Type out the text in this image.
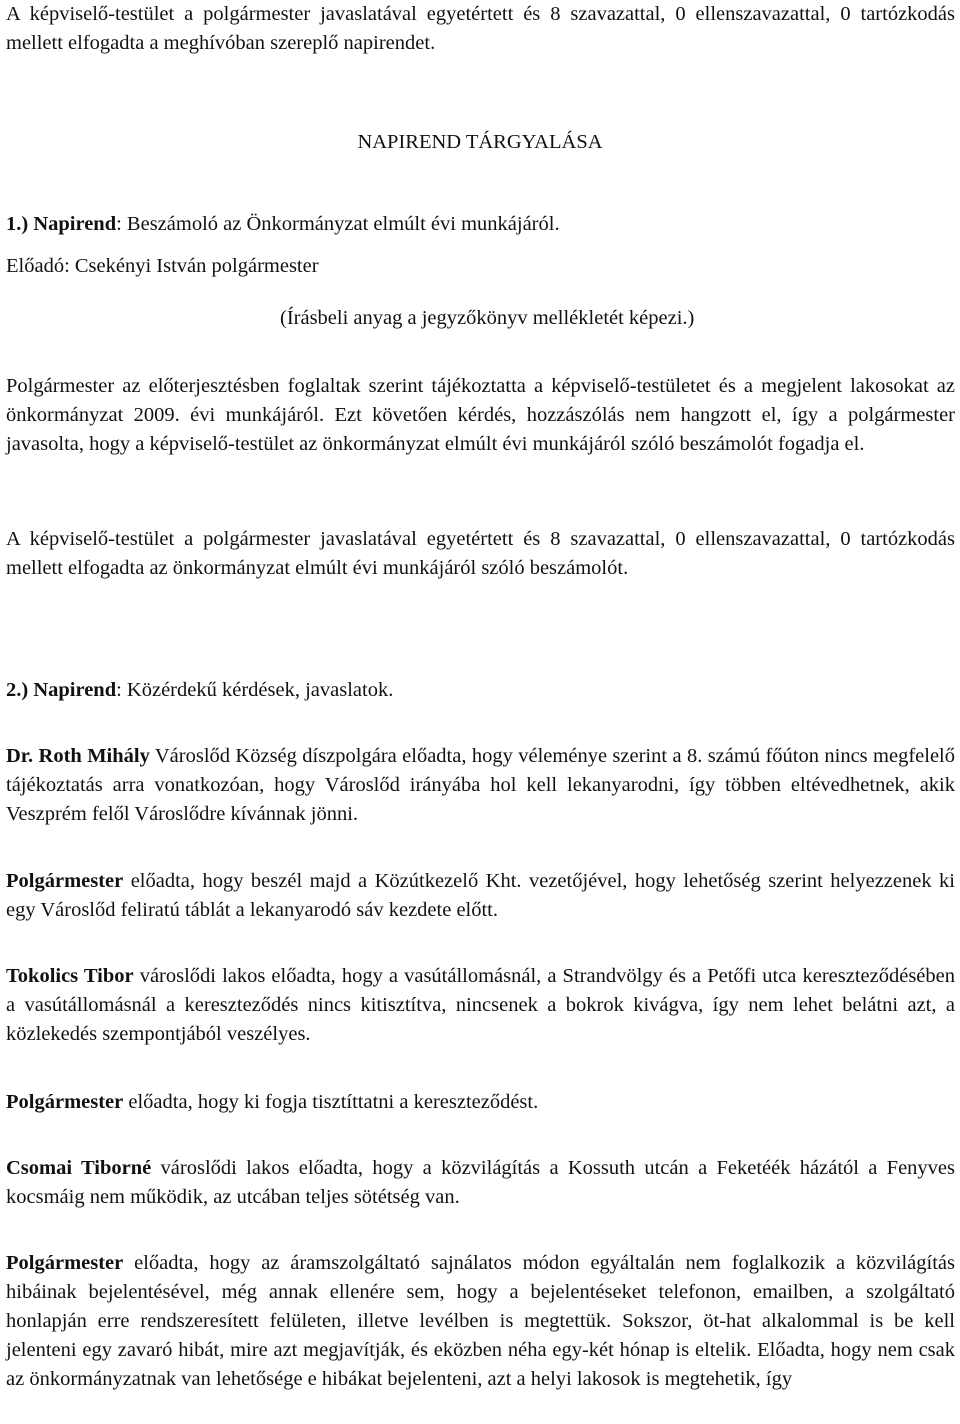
A képviselő-testület a polgármester javaslatával egyetértett és 8 szavazattal, 0 ellenszavazattal, 0 tartózkodás mellett elfogadta a meghívóban szereplő napirendet.

NAPIREND TÁRGYALÁSA

1.) Napirend: Beszámoló az Önkormányzat elmúlt évi munkájáról.

Előadó: Csekényi István polgármester

(Írásbeli anyag a jegyzőkönyv mellékletét képezi.)

Polgármester az előterjesztésben foglaltak szerint tájékoztatta a képviselő-testületet és a megjelent lakosokat az önkormányzat 2009. évi munkájáról. Ezt követően kérdés, hozzászólás nem hangzott el, így a polgármester javasolta, hogy a képviselő-testület az önkormányzat elmúlt évi munkájáról szóló beszámolót fogadja el.

A képviselő-testület a polgármester javaslatával egyetértett és 8 szavazattal, 0 ellenszavazattal, 0 tartózkodás mellett elfogadta az önkormányzat elmúlt évi munkájáról szóló beszámolót.

2.) Napirend: Közérdekű kérdések, javaslatok.

Dr. Roth Mihály Városlőd Község díszpolgára előadta, hogy véleménye szerint a 8. számú főúton nincs megfelelő tájékoztatás arra vonatkozóan, hogy Városlőd irányába hol kell lekanyarodni, így többen eltévedhetnek, akik Veszprém felől Városlődre kívánnak jönni.

Polgármester előadta, hogy beszél majd a Közútkezelő Kht. vezetőjével, hogy lehetőség szerint helyezzenek ki egy Városlőd feliratú táblát a lekanyarodó sáv kezdete előtt.

Tokolics Tibor városlődi lakos előadta, hogy a vasútállomásnál, a Strandvölgy és a Petőfi utca kereszteződésében a vasútállomásnál a kereszteződés nincs kitisztítva, nincsenek a bokrok kivágva, így nem lehet belátni azt, a közlekedés szempontjából veszélyes.

Polgármester előadta, hogy ki fogja tisztíttatni a kereszteződést.

Csomai Tiborné városlődi lakos előadta, hogy a közvilágítás a Kossuth utcán a Feketéék házától a Fenyves kocsmáig nem működik, az utcában teljes sötétség van.

Polgármester előadta, hogy az áramszolgáltató sajnálatos módon egyáltalán nem foglalkozik a közvilágítás hibáinak bejelentésével, még annak ellenére sem, hogy a bejelentéseket telefonon, emailben, a szolgáltató honlapján erre rendszeresített felületen, illetve levélben is megtettük. Sokszor, öt-hat alkalommal is be kell jelenteni egy zavaró hibát, mire azt megjavítják, és eközben néha egy-két hónap is eltelik. Előadta, hogy nem csak az önkormányzatnak van lehetősége e hibákat bejelenteni, azt a helyi lakosok is megtehetik, így
